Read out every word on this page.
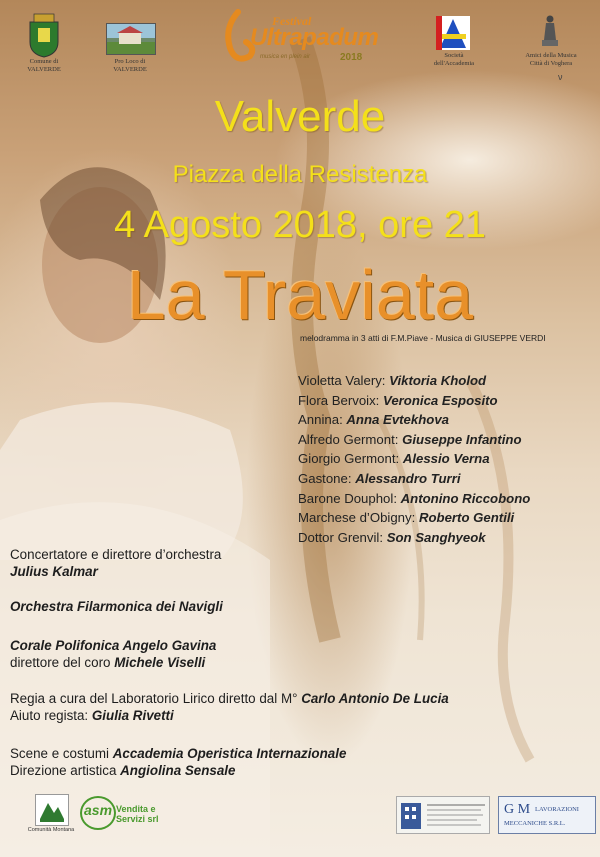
Comune di
VALVERDE
Pro Loco di
VALVERDE
Festival
Ultrapadum
musica en plein air	2018	Società
dell'Accademia
Amici della Musica
Città di Voghera
ν
Valverde
Piazza della Resistenza
4 Agosto 2018, ore 21
La Traviata
melodramma in 3 atti di F.M.Piave - Musica di GIUSEPPE VERDI
Violetta Valery: Viktoria Kholod
Flora Bervoix: Veronica Esposito
Annina: Anna Evtekhova
Alfredo Germont: Giuseppe Infantino
Giorgio Germont: Alessio Verna
Gastone: Alessandro Turri
Barone Douphol: Antonino Riccobono
Marchese d’Obigny: Roberto Gentili
Dottor Grenvil: Son Sanghyeok
Concertatore e direttore d’orchestra
Julius Kalmar
Orchestra Filarmonica dei Navigli
Corale Polifonica Angelo Gavina
direttore del coro Michele Viselli
Regia a cura del Laboratorio Lirico diretto dal M° Carlo Antonio De Lucia
Aiuto regista: Giulia Rivetti
Scene e costumi Accademia Operistica Internazionale
Direzione artistica Angiolina Sensale
Comunità Montana
asm Vendita e
Servizi srl
G M LAVORAZIONI
MECCANICHE S.R.L.
